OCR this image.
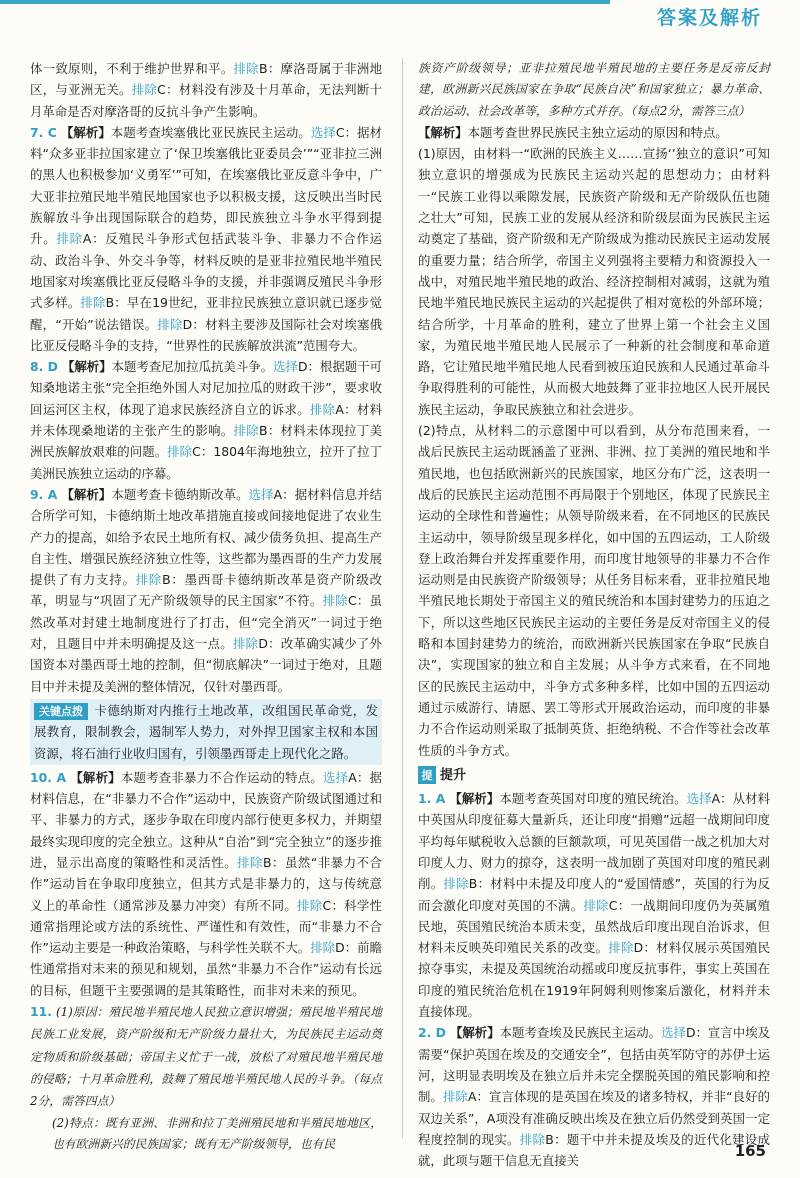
答案及解析

体一致原则，不利于维护世界和平。排除B：摩洛哥属于非洲地区，与亚洲无关。排除C：材料没有涉及十月革命，无法判断十月革命是否对摩洛哥的反抗斗争产生影响。

7. C 【解析】本题考查埃塞俄比亚民族民主运动。选择C：据材料“众多亚非拉国家建立了‘保卫埃塞俄比亚委员会’”“亚非拉三洲的黑人也积极参加‘义勇军’”可知，在埃塞俄比亚反意斗争中，广大亚非拉殖民地半殖民地国家也予以积极支援，这反映出当时民族解放斗争出现国际联合的趋势，即民族独立斗争水平得到提升。排除A：反殖民斗争形式包括武装斗争、非暴力不合作运动、政治斗争、外交斗争等，材料反映的是亚非拉殖民地半殖民地国家对埃塞俄比亚反侵略斗争的支援，并非强调反殖民斗争形式多样。排除B：早在19世纪，亚非拉民族独立意识就已逐步觉醒，“开始”说法错误。排除D：材料主要涉及国际社会对埃塞俄比亚反侵略斗争的支持，“世界性的民族解放洪流”范围夸大。

8. D 【解析】本题考查尼加拉瓜抗美斗争。选择D：根据题干可知桑地诺主张“完全拒绝外国人对尼加拉瓜的财政干涉”，要求收回运河区主权，体现了追求民族经济自立的诉求。排除A：材料并未体现桑地诺的主张产生的影响。排除B：材料未体现拉丁美洲民族解放艰难的问题。排除C：1804年海地独立，拉开了拉丁美洲民族独立运动的序幕。

9. A 【解析】本题考查卡德纳斯改革。选择A：据材料信息并结合所学可知，卡德纳斯土地改革措施直接或间接地促进了农业生产力的提高，如给予农民土地所有权、减少债务负担、提高生产自主性、增强民族经济独立性等，这些都为墨西哥的生产力发展提供了有力支持。排除B：墨西哥卡德纳斯改革是资产阶级改革，明显与“巩固了无产阶级领导的民主国家”不符。排除C：虽然改革对封建土地制度进行了打击，但“完全消灭”一词过于绝对，且题目中并未明确提及这一点。排除D：改革确实减少了外国资本对墨西哥土地的控制，但“彻底解决”一词过于绝对，且题目中并未提及美洲的整体情况，仅针对墨西哥。

关键点拨 卡德纳斯对内推行土地改革，改组国民革命党，发展教育，限制教会，遏制军人势力，对外捍卫国家主权和本国资源，将石油行业收归国有，引领墨西哥走上现代化之路。

10. A 【解析】本题考查非暴力不合作运动的特点。选择A：据材料信息，在“非暴力不合作”运动中，民族资产阶级试图通过和平、非暴力的方式，逐步争取在印度内部行使更多权力，并期望最终实现印度的完全独立。这种从“自治”到“完全独立”的逐步推进，显示出高度的策略性和灵活性。排除B：虽然“非暴力不合作”运动旨在争取印度独立，但其方式是非暴力的，这与传统意义上的革命性（通常涉及暴力冲突）有所不同。排除C：科学性通常指理论或方法的系统性、严谨性和有效性，而“非暴力不合作”运动主要是一种政治策略，与科学性关联不大。排除D：前瞻性通常指对未来的预见和规划，虽然“非暴力不合作”运动有长远的目标，但题干主要强调的是其策略性，而非对未来的预见。

11. (1)原因：殖民地半殖民地人民独立意识增强；殖民地半殖民地民族工业发展，资产阶级和无产阶级力量壮大，为民族民主运动奠定物质和阶级基础；帝国主义忙于一战，放松了对殖民地半殖民地的侵略；十月革命胜利，鼓舞了殖民地半殖民地人民的斗争。（每点2分，需答四点）

(2)特点：既有亚洲、非洲和拉丁美洲殖民地和半殖民地地区，也有欧洲新兴的民族国家；既有无产阶级领导，也有民

族资产阶级领导；亚非拉殖民地半殖民地的主要任务是反帝反封建，欧洲新兴民族国家在争取“民族自决”和国家独立；暴力革命、政治运动、社会改革等，多种方式并存。（每点2分，需答三点）

【解析】本题考查世界民族民主独立运动的原因和特点。

(1)原因，由材料一“欧洲的民族主义……宣扬‘’独立的意识”可知独立意识的增强成为民族民主运动兴起的思想动力；由材料一“民族工业得以乘隙发展，民族资产阶级和无产阶级队伍也随之壮大”可知，民族工业的发展从经济和阶级层面为民族民主运动奠定了基础，资产阶级和无产阶级成为推动民族民主运动发展的重要力量；结合所学，帝国主义列强将主要精力和资源投入一战中，对殖民地半殖民地的政治、经济控制相对减弱，这就为殖民地半殖民地民族民主运动的兴起提供了相对宽松的外部环境；结合所学，十月革命的胜利，建立了世界上第一个社会主义国家，为殖民地半殖民地人民展示了一种新的社会制度和革命道路，它让殖民地半殖民地人民看到被压迫民族和人民通过革命斗争取得胜利的可能性，从而极大地鼓舞了亚非拉地区人民开展民族民主运动，争取民族独立和社会进步。

(2)特点，从材料二的示意图中可以看到，从分布范围来看，一战后民族民主运动既涵盖了亚洲、非洲、拉丁美洲的殖民地和半殖民地，也包括欧洲新兴的民族国家，地区分布广泛，这表明一战后的民族民主运动范围不再局限于个别地区，体现了民族民主运动的全球性和普遍性；从领导阶级来看，在不同地区的民族民主运动中，领导阶级呈现多样化，如中国的五四运动，工人阶级登上政治舞台并发挥重要作用，而印度甘地领导的非暴力不合作运动则是由民族资产阶级领导；从任务目标来看，亚非拉殖民地半殖民地长期处于帝国主义的殖民统治和本国封建势力的压迫之下，所以这些地区民族民主运动的主要任务是反对帝国主义的侵略和本国封建势力的统治，而欧洲新兴民族国家在争取“民族自决”，实现国家的独立和自主发展；从斗争方式来看，在不同地区的民族民主运动中，斗争方式多种多样，比如中国的五四运动通过示威游行、请愿、罢工等形式开展政治运动，而印度的非暴力不合作运动则采取了抵制英货、拒绝纳税、不合作等社会改革性质的斗争方式。

提 提升

1. A 【解析】本题考查英国对印度的殖民统治。选择A：从材料中英国从印度征募大量新兵，还让印度“捐赠”远超一战期间印度平均每年赋税收入总额的巨额款项，可见英国借一战之机加大对印度人力、财力的掠夺，这表明一战加剧了英国对印度的殖民剥削。排除B：材料中未提及印度人的“爱国情感”，英国的行为反而会激化印度对英国的不满。排除C：一战期间印度仍为英属殖民地，英国殖民统治本质未变，虽然战后印度出现自治诉求，但材料未反映英印殖民关系的改变。排除D：材料仅展示英国殖民掠夺事实，未提及英国统治动摇或印度反抗事件，事实上英国在印度的殖民统治危机在1919年阿姆利则惨案后激化，材料并未直接体现。

2. D 【解析】本题考查埃及民族民主运动。选择D：宣言中埃及需要“保护英国在埃及的交通安全”，包括由英军防守的苏伊士运河，这明显表明埃及在独立后并未完全摆脱英国的殖民影响和控制。排除A：宣言体现的是英国在埃及的诸多特权，并非“良好的双边关系”，A项没有准确反映出埃及在独立后仍然受到英国一定程度控制的现实。排除B：题干中并未提及埃及的近代化建设成就，此项与题干信息无直接关

165
